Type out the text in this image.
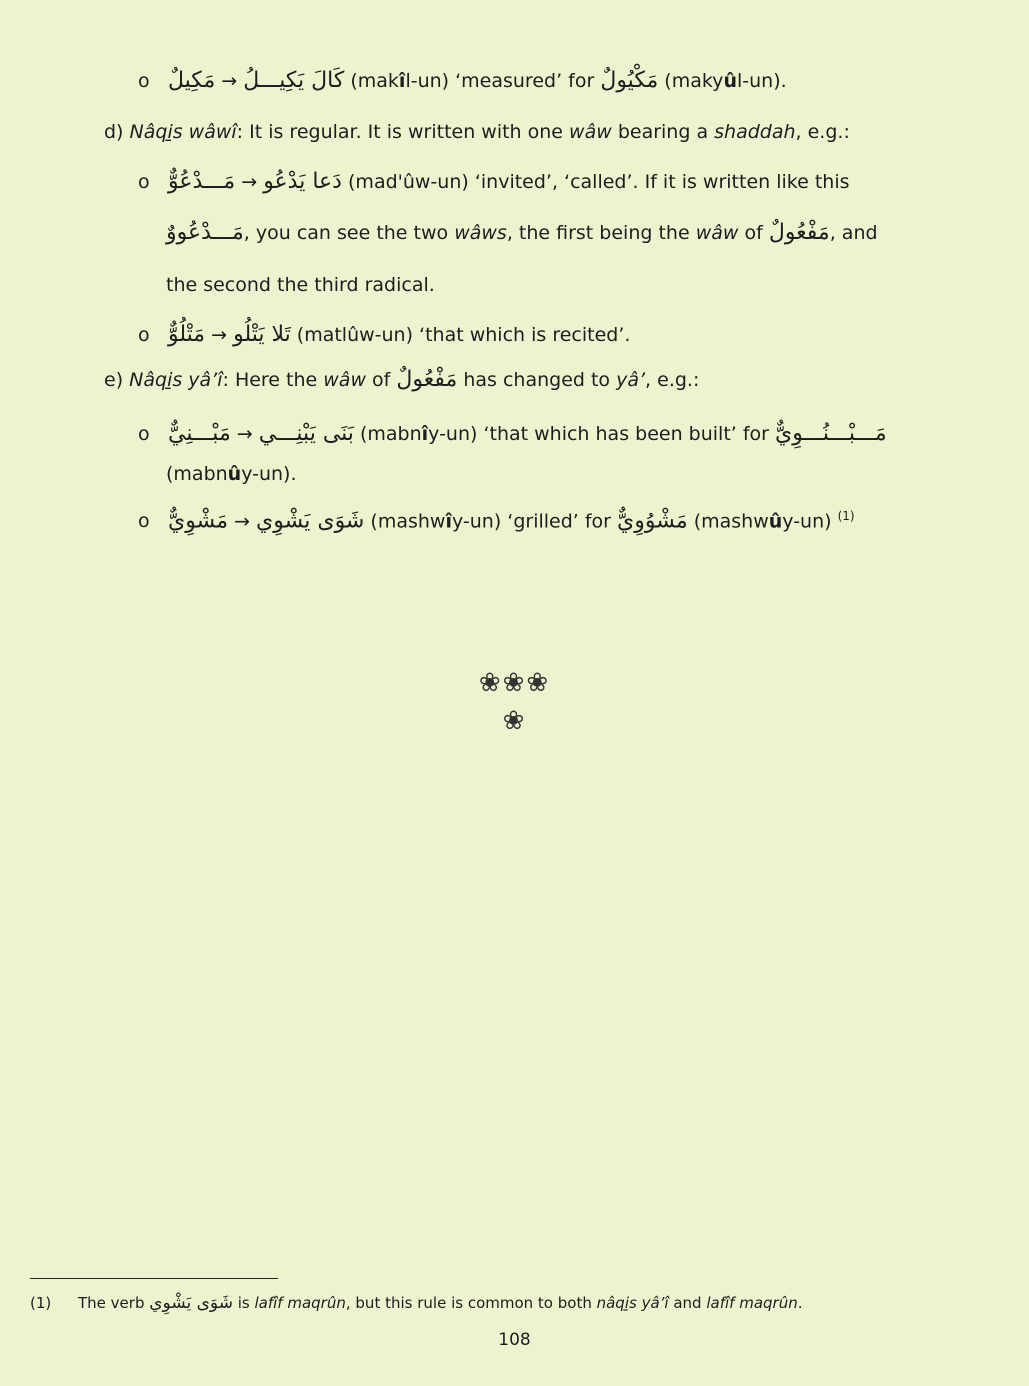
o	كَالَ يَكِيـــلُ → مَكِيلٌ	(makîl-un) ‘measured’ for مَكْيُولٌ (makyûl-un).
d) Nâqi̱s wâwî: It is regular. It is written with one wâw bearing a shaddah, e.g.:
o	دَعا يَدْعُو → مَـــدْعُوٌّ	(mad'ûw-un) ‘invited’, ‘called’. If it is written like this
مَـــدْعُووٌ, you can see the two wâws, the first being the wâw of مَفْعُولٌ, and
the second the third radical.
o	تَلا يَتْلُو → مَتْلُوٌّ	(matlûw-un) ‘that which is recited’.
e) Nâqi̱s yâ’î: Here the wâw of مَفْعُولٌ has changed to yâ’, e.g.:
o	بَنَى يَبْنِـــي → مَبْـــنِيٌّ	(mabnîy-un) ‘that which has been built’ for مَـــبْـــنُـــوِيٌّ
(mabnûy-un).
o	شَوَى يَشْوِي → مَشْوِيٌّ	(mashwîy-un) ‘grilled’ for مَشْوُوِيٌّ (mashwûy-un) $^{(1)}$
❀❀❀
❀
(1) The verb شَوَى يَشْوِي is lafîf maqrûn, but this rule is common to both nâqi̱s yâ’î and lafîf maqrûn.
108
